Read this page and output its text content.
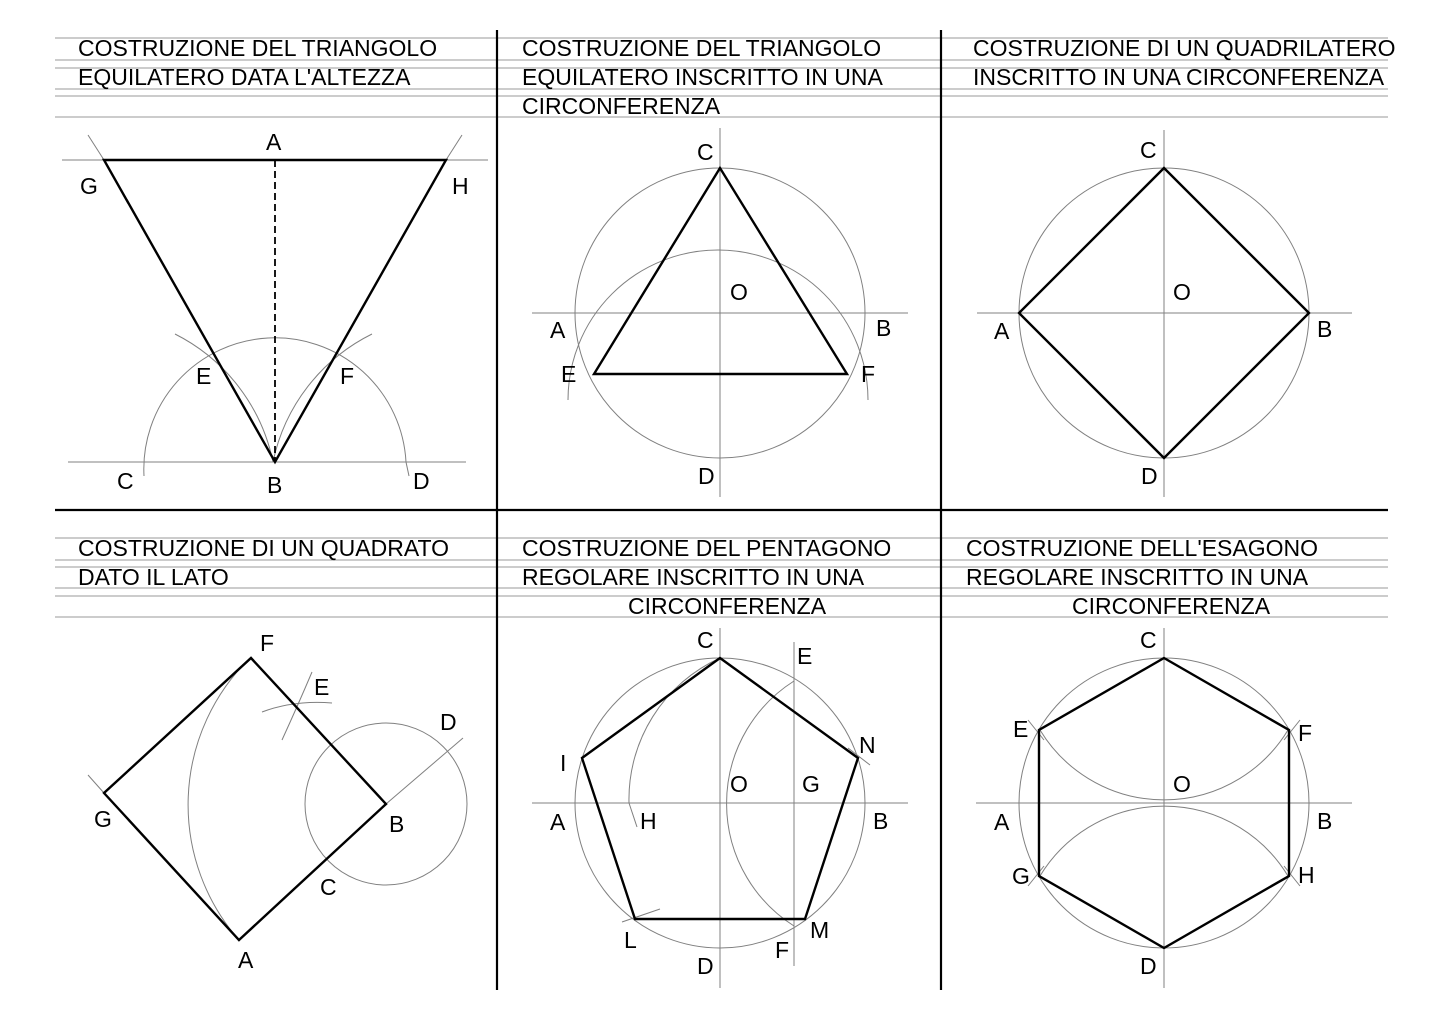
COSTRUZIONE DEL TRIANGOLO
EQUILATERO DATA L'ALTEZZA
A
G	H
E	F
C	B	D
COSTRUZIONE DEL TRIANGOLO
EQUILATERO INSCRITTO IN UNA
CIRCONFERENZA
C
O
A	B
E	F
D
COSTRUZIONE DI UN QUADRILATERO
INSCRITTO IN UNA CIRCONFERENZA
C
O
A	B
D
COSTRUZIONE DI UN QUADRATO
DATO IL LATO
F
E
D
G	B
C
A
COSTRUZIONE DEL PENTAGONO
REGOLARE INSCRITTO IN UNA
CIRCONFERENZA
C
E
N
I
O G
A	H	B
M
L	F
D
COSTRUZIONE DELL'ESAGONO
REGOLARE INSCRITTO IN UNA
CIRCONFERENZA
C
E	F
O
A	B
G	H
D
